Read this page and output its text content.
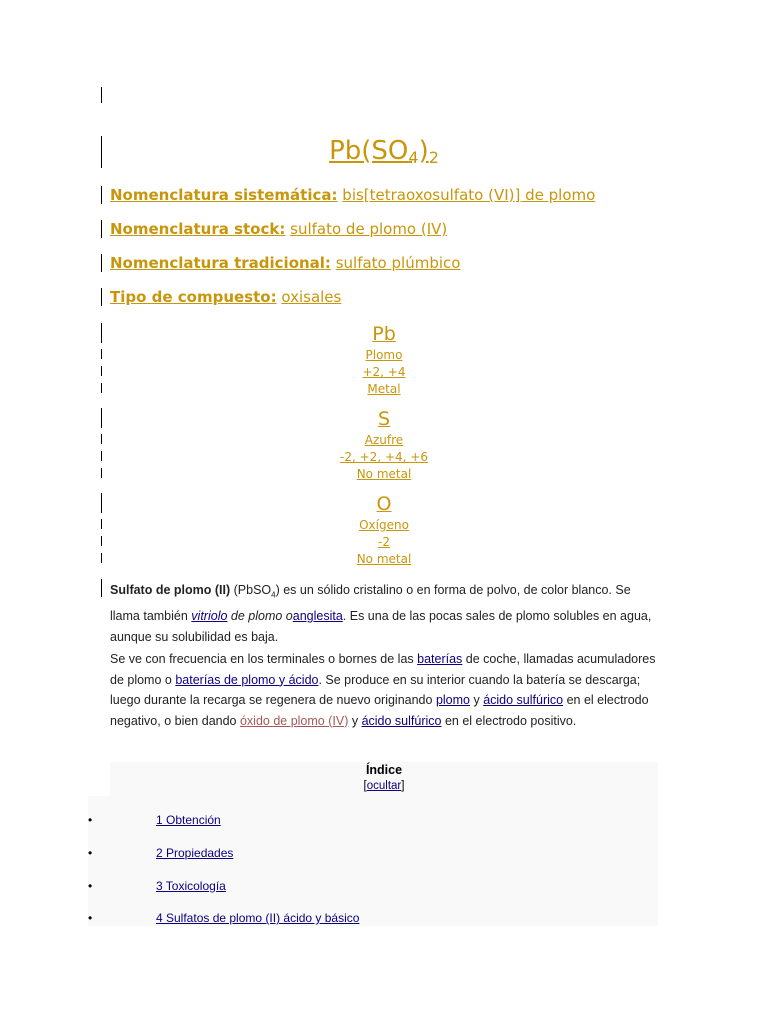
$Pb(SO_4)_2$
Nomenclatura sistemática: bis[tetraoxosulfato (VI)] de plomo
Nomenclatura stock: sulfato de plomo (IV)
Nomenclatura tradicional: sulfato plúmbico
Tipo de compuesto: oxisales
Pb
Plomo
+2, +4
Metal
S
Azufre
-2, +2, +4, +6
No metal
O
Oxígeno
-2
No metal
Sulfato de plomo (II) (PbSO$_4$) es un sólido cristalino o en forma de polvo, de color blanco. Se llama también vitriolo de plomo oanglesita. Es una de las pocas sales de plomo solubles en agua, aunque su solubilidad es baja.
Se ve con frecuencia en los terminales o bornes de las baterías de coche, llamadas acumuladores de plomo o baterías de plomo y ácido. Se produce en su interior cuando la batería se descarga; luego durante la recarga se regenera de nuevo originando plomo y ácido sulfúrico en el electrodo negativo, o bien dando óxido de plomo (IV) y ácido sulfúrico en el electrodo positivo.
Índice
[ocultar]
•	1 Obtención
•	2 Propiedades
•	3 Toxicología
•	4 Sulfatos de plomo (II) ácido y básico
